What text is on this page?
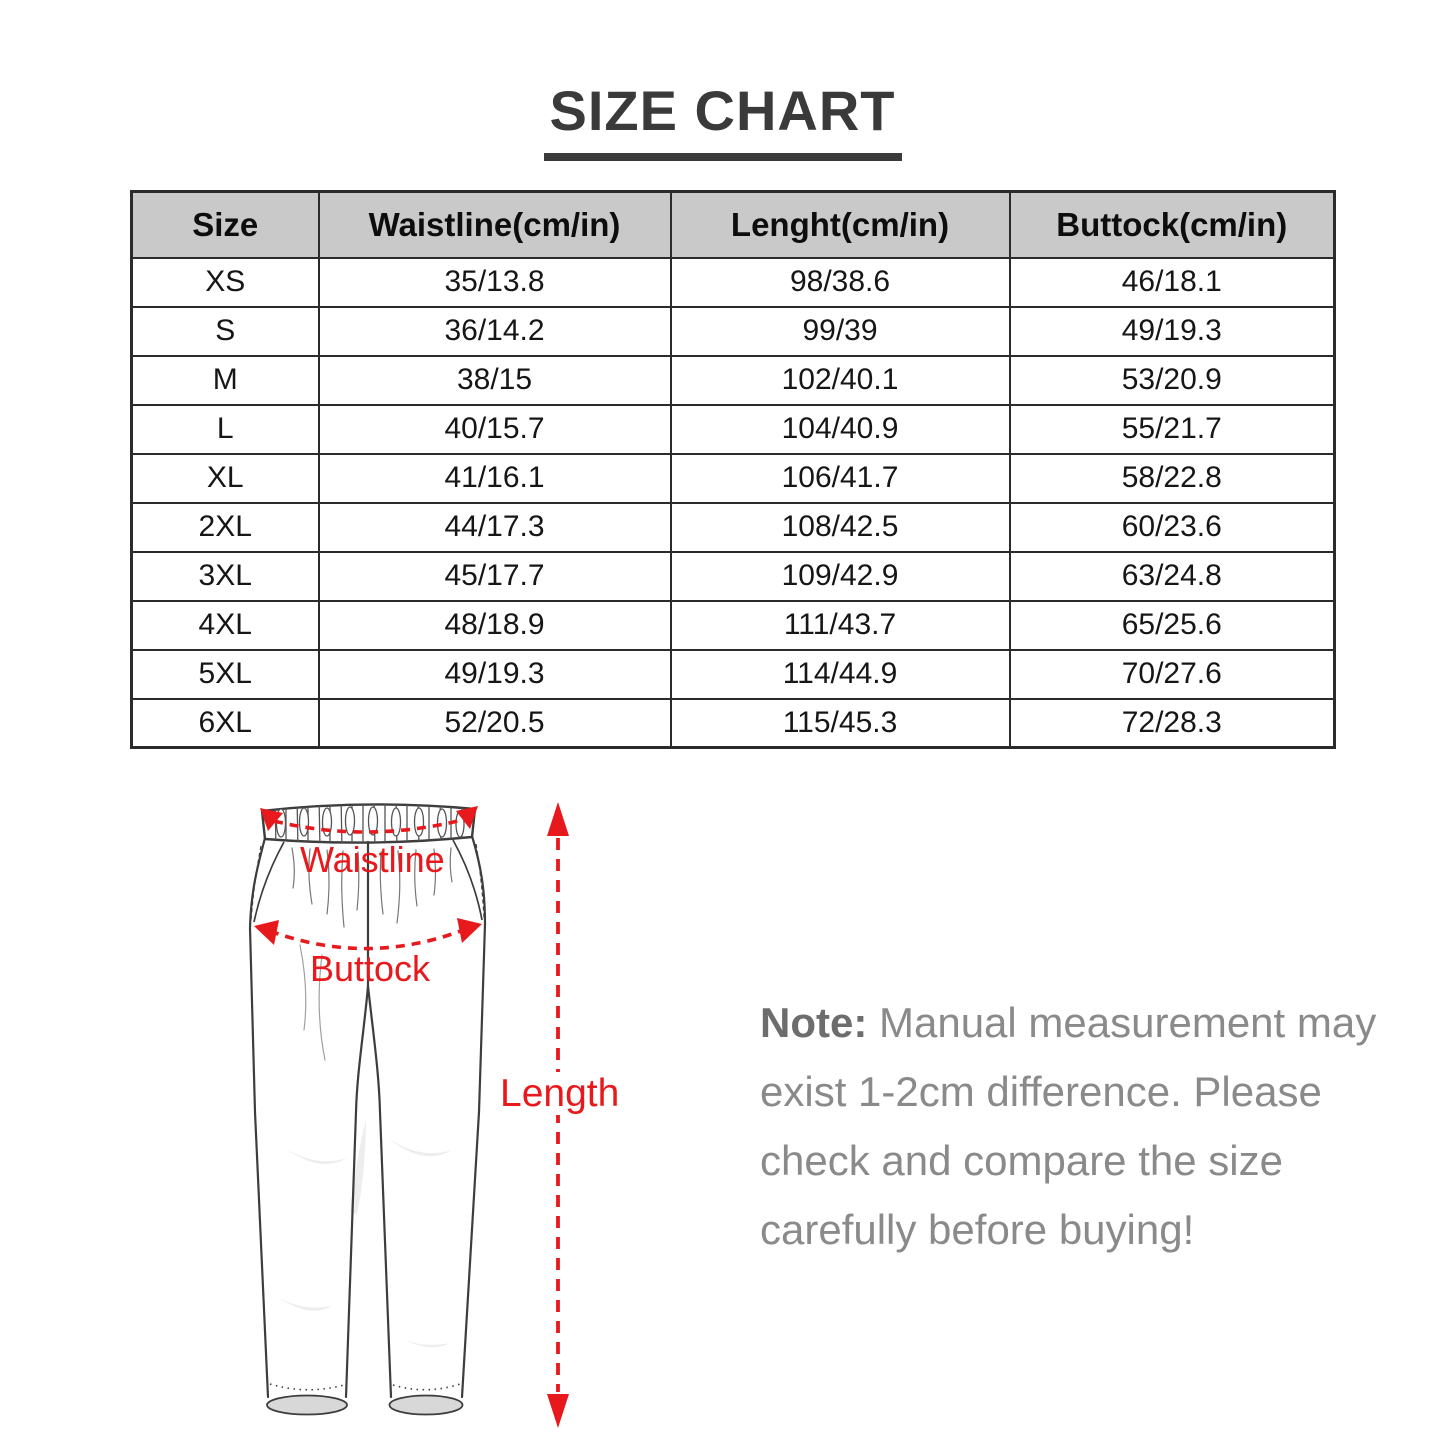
SIZE CHART
Size	Waistline(cm/in)	Lenght(cm/in)	Buttock(cm/in)
XS	35/13.8	98/38.6	46/18.1
S	36/14.2	99/39	49/19.3
M	38/15	102/40.1	53/20.9
L	40/15.7	104/40.9	55/21.7
XL	41/16.1	106/41.7	58/22.8
2XL	44/17.3	108/42.5	60/23.6
3XL	45/17.7	109/42.9	63/24.8
4XL	48/18.9	111/43.7	65/25.6
5XL	49/19.3	114/44.9	70/27.6
6XL	52/20.5	115/45.3	72/28.3
Waistline
Buttock
Length
Note: Manual measurement may
exist 1-2cm difference. Please
check and compare the size
carefully before buying!
